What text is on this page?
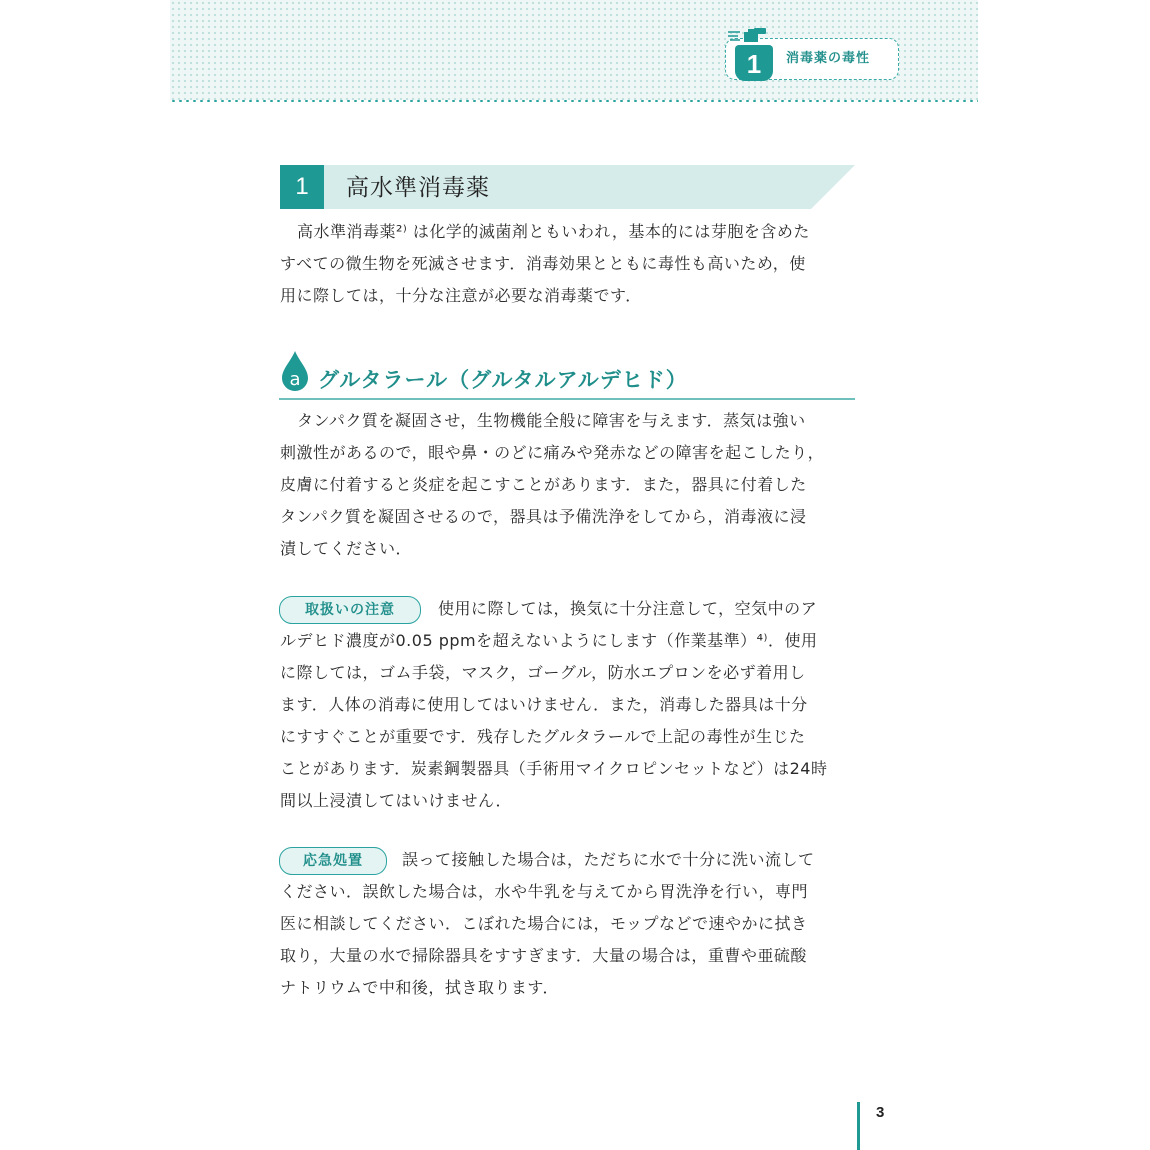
1	消毒薬の毒性
1	高水準消毒薬
高水準消毒薬²⁾ は化学的滅菌剤ともいわれ，基本的には芽胞を含めた
すべての微生物を死滅させます．消毒効果とともに毒性も高いため，使
用に際しては，十分な注意が必要な消毒薬です．
a グルタラール（グルタルアルデヒド）
タンパク質を凝固させ，生物機能全般に障害を与えます．蒸気は強い
刺激性があるので，眼や鼻・のどに痛みや発赤などの障害を起こしたり，
皮膚に付着すると炎症を起こすことがあります．また，器具に付着した
タンパク質を凝固させるので，器具は予備洗浄をしてから，消毒液に浸
漬してください．
取扱いの注意	使用に際しては，換気に十分注意して，空気中のア
ルデヒド濃度が0.05 ppmを超えないようにします（作業基準）⁴⁾．使用
に際しては，ゴム手袋，マスク，ゴーグル，防水エプロンを必ず着用し
ます．人体の消毒に使用してはいけません．また，消毒した器具は十分
にすすぐことが重要です．残存したグルタラールで上記の毒性が生じた
ことがあります．炭素鋼製器具（手術用マイクロピンセットなど）は24時
間以上浸漬してはいけません．
応急処置	誤って接触した場合は，ただちに水で十分に洗い流して
ください．誤飲した場合は，水や牛乳を与えてから胃洗浄を行い，専門
医に相談してください．こぼれた場合には，モップなどで速やかに拭き
取り，大量の水で掃除器具をすすぎます．大量の場合は，重曹や亜硫酸
ナトリウムで中和後，拭き取ります．
3
